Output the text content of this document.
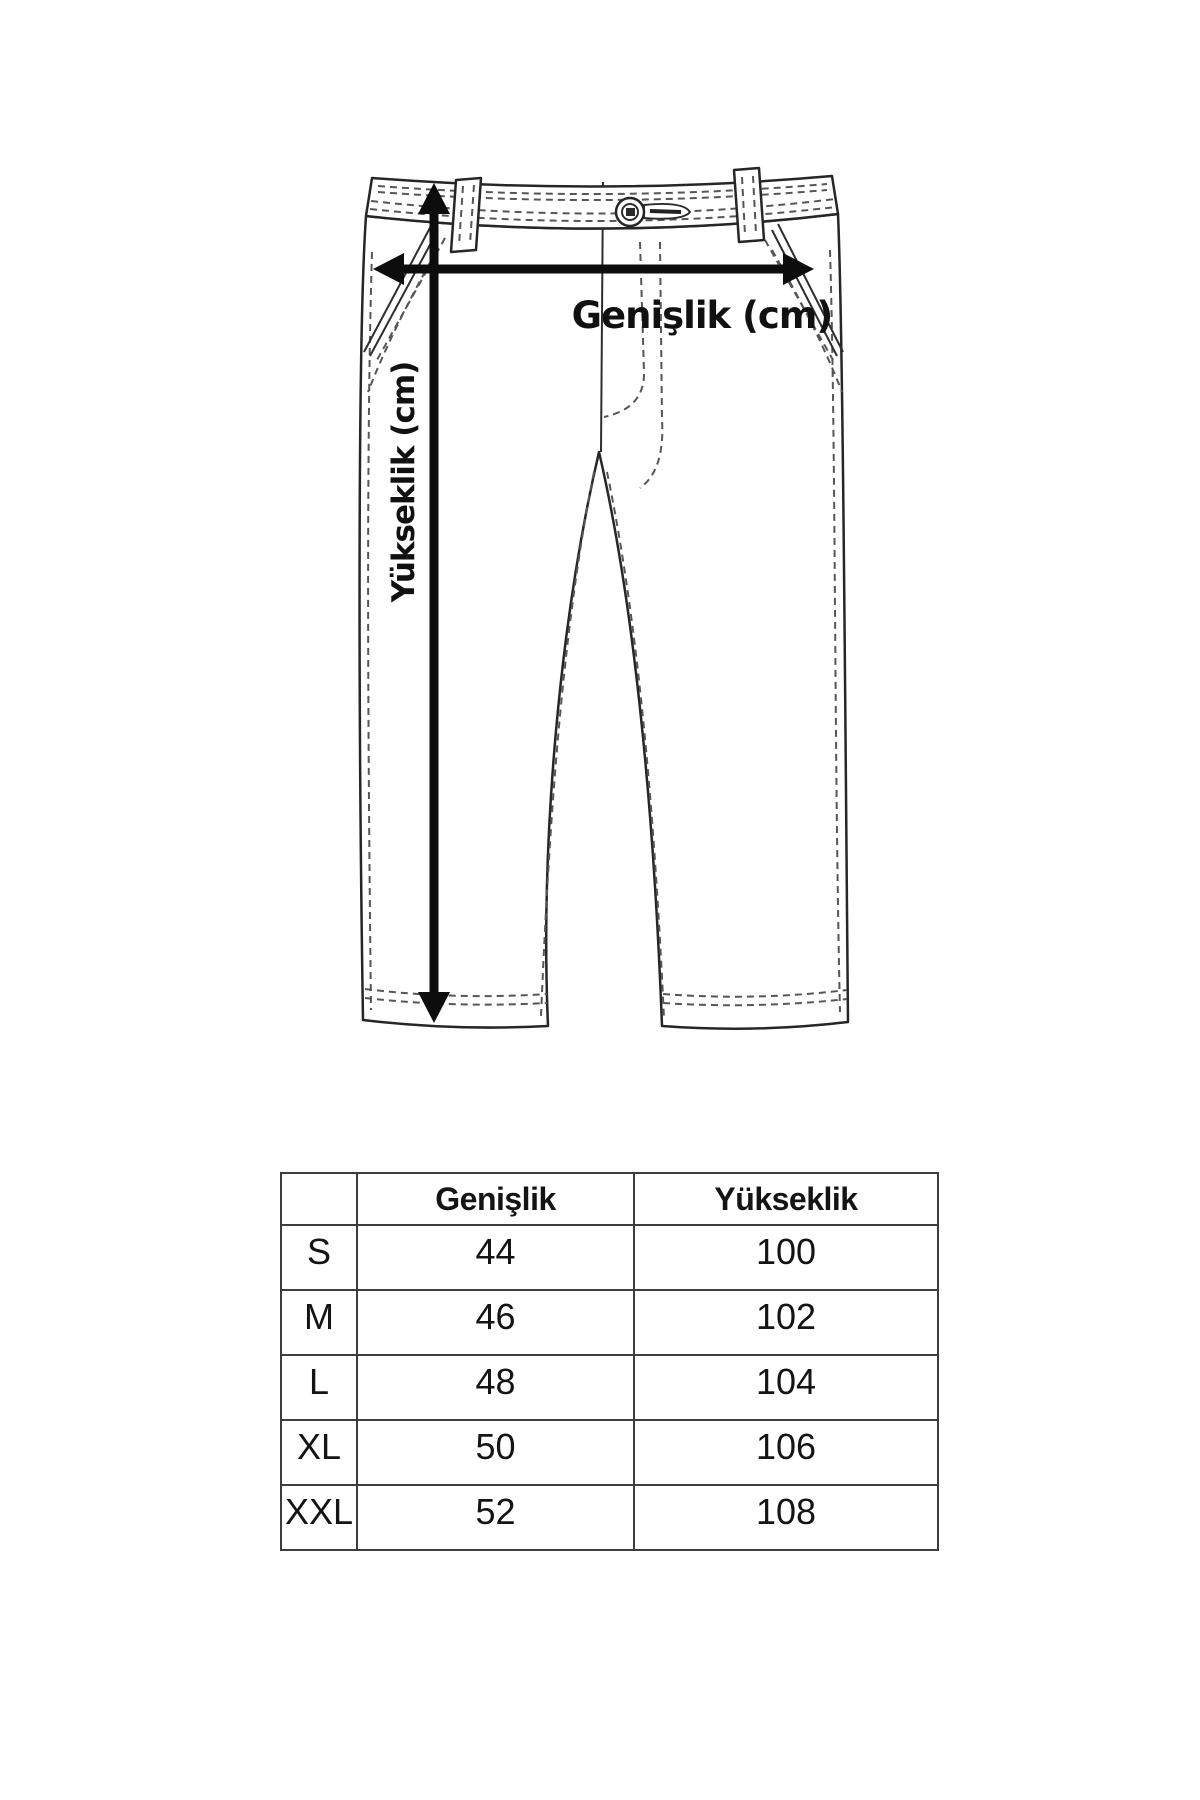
Genişlik (cm)
Yükseklik (cm)
	Genişlik	Yükseklik
S	44	100
M	46	102
L	48	104
XL	50	106
XXL	52	108
